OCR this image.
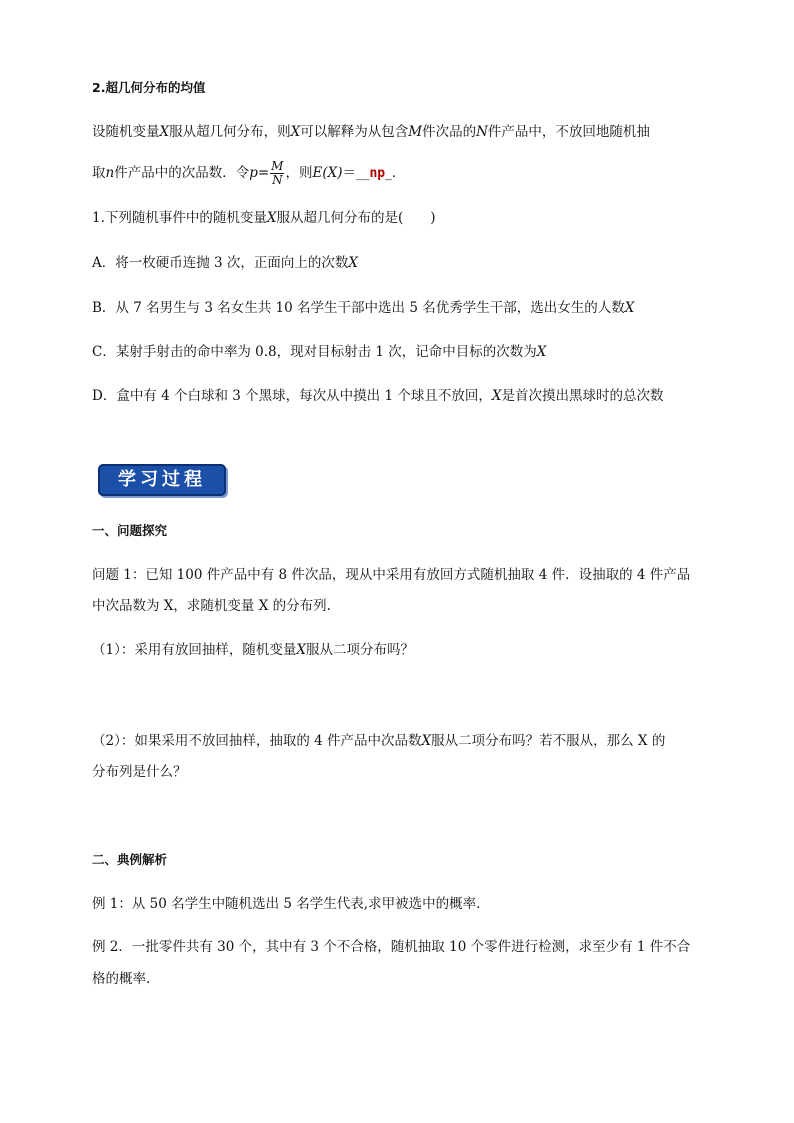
2.超几何分布的均值
设随机变量X服从超几何分布，则X可以解释为从包含M件次品的N件产品中，不放回地随机抽
取n件产品中的次品数．令$p= \frac{M}{N}$ ，则E(X)＝__np_．
1.下列随机事件中的随机变量X服从超几何分布的是(　　)
A．将一枚硬币连抛 3 次，正面向上的次数X
B．从 7 名男生与 3 名女生共 10 名学生干部中选出 5 名优秀学生干部，选出女生的人数X
C．某射手射击的命中率为 0.8，现对目标射击 1 次，记命中目标的次数为X
D．盒中有 4 个白球和 3 个黑球，每次从中摸出 1 个球且不放回，X是首次摸出黑球时的总次数
学习过程
一、问题探究
问题 1：已知 100 件产品中有 8 件次品，现从中采用有放回方式随机抽取 4 件．设抽取的 4 件产品
中次品数为 X，求随机变量 X 的分布列.
（1）：采用有放回抽样，随机变量X服从二项分布吗？
（2）：如果采用不放回抽样，抽取的 4 件产品中次品数X服从二项分布吗？若不服从，那么 X 的
分布列是什么？
二、典例解析
例 1：从 50 名学生中随机选出 5 名学生代表,求甲被选中的概率.
例 2．一批零件共有 30 个，其中有 3 个不合格，随机抽取 10 个零件进行检测，求至少有 1 件不合
格的概率.
